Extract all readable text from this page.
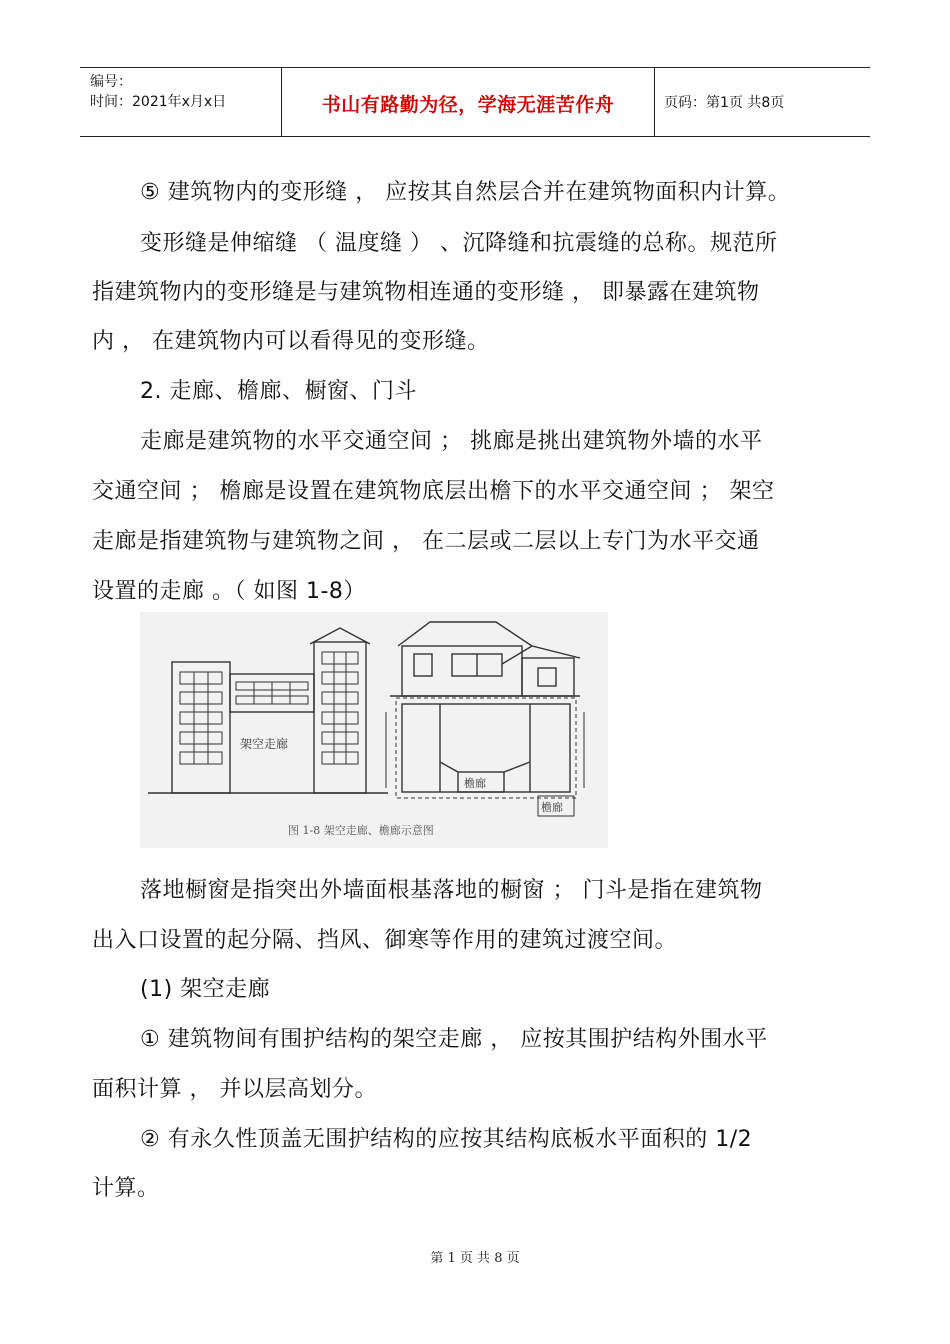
编号：
时间：2021年x月x日	书山有路勤为径，学海无涯苦作舟	页码：第1页 共8页
⑤ 建筑物内的变形缝 ， 应按其自然层合并在建筑物面积内计算。
变形缝是伸缩缝 （ 温度缝 ） 、沉降缝和抗震缝的总称。规范所
指建筑物内的变形缝是与建筑物相连通的变形缝 ， 即暴露在建筑物
内 ， 在建筑物内可以看得见的变形缝。
2. 走廊、檐廊、橱窗、门斗
走廊是建筑物的水平交通空间 ； 挑廊是挑出建筑物外墙的水平
交通空间 ； 檐廊是设置在建筑物底层出檐下的水平交通空间 ； 架空
走廊是指建筑物与建筑物之间 ， 在二层或二层以上专门为水平交通
设置的走廊 。（ 如图 1-8）
架空走廊
檐廊
檐廊
图 1-8 架空走廊、檐廊示意图
落地橱窗是指突出外墙面根基落地的橱窗 ； 门斗是指在建筑物
出入口设置的起分隔、挡风、御寒等作用的建筑过渡空间。
(1) 架空走廊
① 建筑物间有围护结构的架空走廊 ， 应按其围护结构外围水平
面积计算 ， 并以层高划分。
② 有永久性顶盖无围护结构的应按其结构底板水平面积的 1/2
计算。
第 1 页 共 8 页
